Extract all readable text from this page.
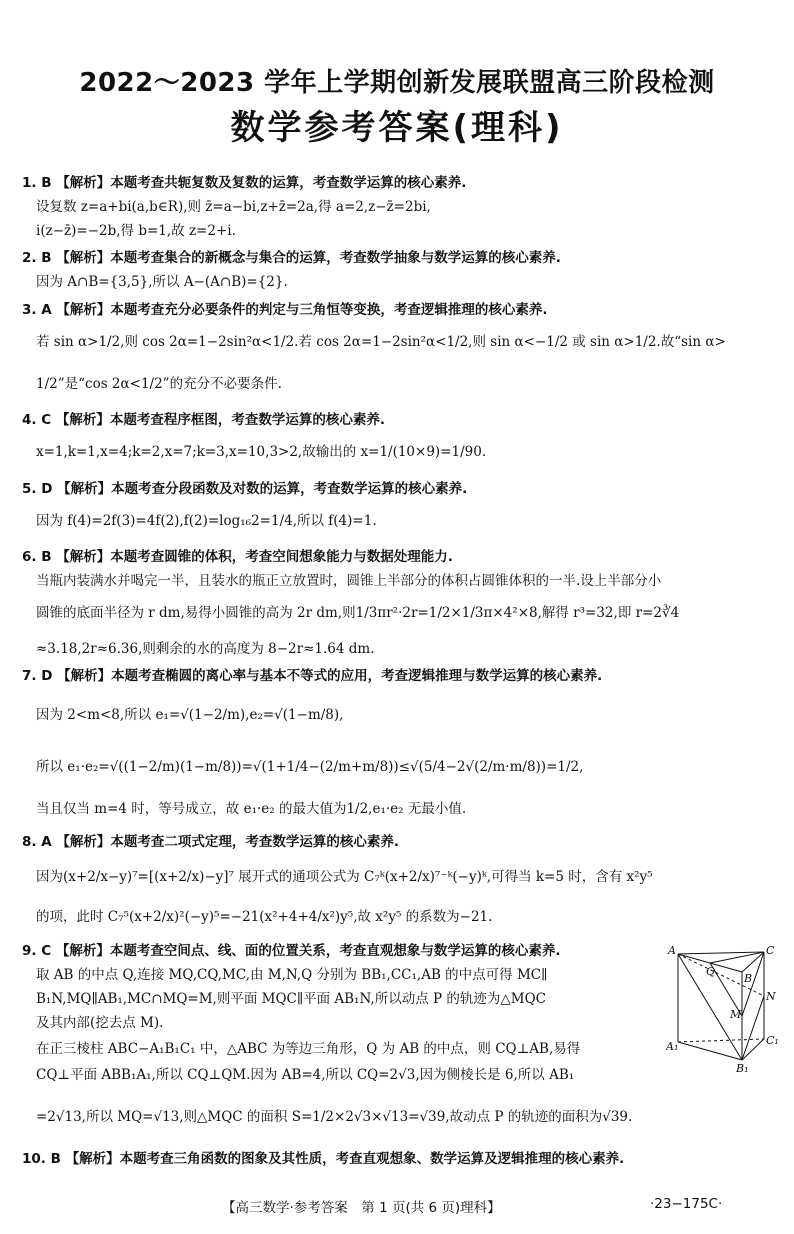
2022～2023 学年上学期创新发展联盟高三阶段检测
数学参考答案(理科)
1. B 【解析】本题考查共轭复数及复数的运算，考查数学运算的核心素养.
设复数 z=a+bi(a,b∈R),则 z̄=a−bi,z+z̄=2a,得 a=2,z−z̄=2bi,
i(z−z̄)=−2b,得 b=1,故 z=2+i.
2. B 【解析】本题考查集合的新概念与集合的运算，考查数学抽象与数学运算的核心素养.
因为 A∩B={3,5},所以 A−(A∩B)={2}.
3. A 【解析】本题考查充分必要条件的判定与三角恒等变换，考查逻辑推理的核心素养.
若 sin α>1/2,则 cos 2α=1−2sin²α<1/2.若 cos 2α=1−2sin²α<1/2,则 sin α<−1/2 或 sin α>1/2.故“sin α>
1/2”是“cos 2α<1/2”的充分不必要条件.
4. C 【解析】本题考查程序框图，考查数学运算的核心素养.
x=1,k=1,x=4;k=2,x=7;k=3,x=10,3>2,故输出的 x=1/(10×9)=1/90.
5. D 【解析】本题考查分段函数及对数的运算，考查数学运算的核心素养.
因为 f(4)=2f(3)=4f(2),f(2)=log₁₆2=1/4,所以 f(4)=1.
6. B 【解析】本题考查圆锥的体积，考查空间想象能力与数据处理能力.
当瓶内装满水并喝完一半，且装水的瓶正立放置时，圆锥上半部分的体积占圆锥体积的一半.设上半部分小
圆锥的底面半径为 r dm,易得小圆锥的高为 2r dm,则1/3πr²·2r=1/2×1/3π×4²×8,解得 r³=32,即 r=2∛4
≈3.18,2r≈6.36,则剩余的水的高度为 8−2r≈1.64 dm.
7. D 【解析】本题考查椭圆的离心率与基本不等式的应用，考查逻辑推理与数学运算的核心素养.
因为 2<m<8,所以 e₁=√(1−2/m),e₂=√(1−m/8),
所以 e₁·e₂=√((1−2/m)(1−m/8))=√(1+1/4−(2/m+m/8))≤√(5/4−2√(2/m·m/8))=1/2,
当且仅当 m=4 时，等号成立，故 e₁·e₂ 的最大值为1/2,e₁·e₂ 无最小值.
8. A 【解析】本题考查二项式定理，考查数学运算的核心素养.
因为(x+2/x−y)⁷=[(x+2/x)−y]⁷ 展开式的通项公式为 C₇ᵏ(x+2/x)⁷⁻ᵏ(−y)ᵏ,可得当 k=5 时，含有 x²y⁵
的项，此时 C₇⁵(x+2/x)²(−y)⁵=−21(x²+4+4/x²)y⁵,故 x²y⁵ 的系数为−21.
9. C 【解析】本题考查空间点、线、面的位置关系，考查直观想象与数学运算的核心素养.
取 AB 的中点 Q,连接 MQ,CQ,MC,由 M,N,Q 分别为 BB₁,CC₁,AB 的中点可得 MC∥
B₁N,MQ∥AB₁,MC∩MQ=M,则平面 MQC∥平面 AB₁N,所以动点 P 的轨迹为△MQC
及其内部(挖去点 M).
在正三棱柱 ABC−A₁B₁C₁ 中，△ABC 为等边三角形，Q 为 AB 的中点，则 CQ⊥AB,易得
CQ⊥平面 ABB₁A₁,所以 CQ⊥QM.因为 AB=4,所以 CQ=2√3,因为侧棱长是 6,所以 AB₁
=2√13,所以 MQ=√13,则△MQC 的面积 S=1/2×2√3×√13=√39,故动点 P 的轨迹的面积为√39.
10. B 【解析】本题考查三角函数的图象及其性质，考查直观想象、数学运算及逻辑推理的核心素养.
A	C
Q
B
N
M
A₁	C₁
B₁
【高三数学·参考答案　第 1 页(共 6 页)理科】	·23−175C·
